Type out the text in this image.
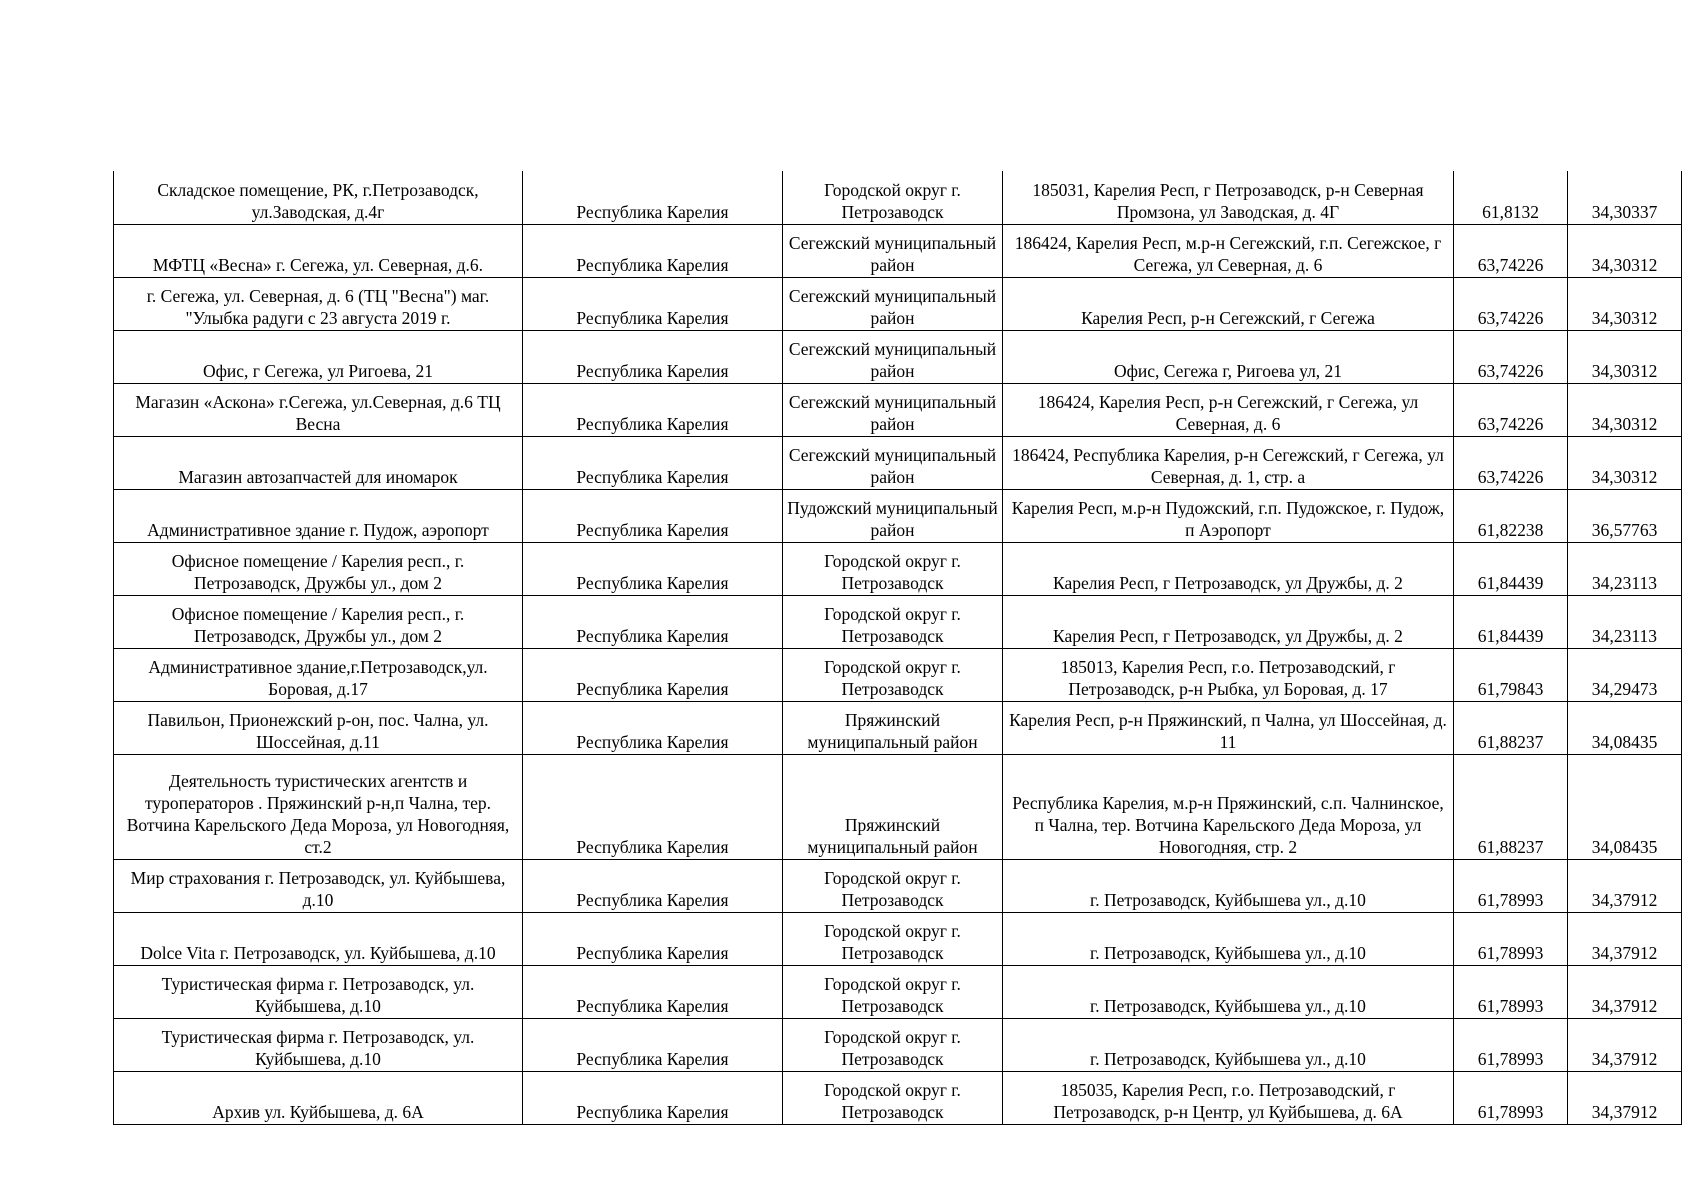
Складское помещение, РК, г.Петрозаводск, ул.Заводская, д.4г	Республика Карелия	Городской округ г. Петрозаводск	185031, Карелия Респ, г Петрозаводск, р-н Северная Промзона, ул Заводская, д. 4Г	61,8132	34,30337
МФТЦ «Весна» г. Сегежа, ул. Северная, д.6.	Республика Карелия	Сегежский муниципальный район	186424, Карелия Респ, м.р-н Сегежский, г.п. Сегежское, г Сегежа, ул Северная, д. 6	63,74226	34,30312
г. Сегежа, ул. Северная, д. 6 (ТЦ "Весна") маг. "Улыбка радуги с 23 августа 2019 г.	Республика Карелия	Сегежский муниципальный район	Карелия Респ, р-н Сегежский, г Сегежа	63,74226	34,30312
Офис, г Сегежа, ул Ригоева, 21	Республика Карелия	Сегежский муниципальный район	Офис, Сегежа г, Ригоева ул, 21	63,74226	34,30312
Магазин «Аскона» г.Сегежа, ул.Северная, д.6 ТЦ Весна	Республика Карелия	Сегежский муниципальный район	186424, Карелия Респ, р-н Сегежский, г Сегежа, ул Северная, д. 6	63,74226	34,30312
Магазин автозапчастей для иномарок	Республика Карелия	Сегежский муниципальный район	186424, Республика Карелия, р-н Сегежский, г Сегежа, ул Северная, д. 1, стр. а	63,74226	34,30312
Административное здание г. Пудож, аэропорт	Республика Карелия	Пудожский муниципальный район	Карелия Респ, м.р-н Пудожский, г.п. Пудожское, г. Пудож, п Аэропорт	61,82238	36,57763
Офисное помещение / Карелия респ., г. Петрозаводск, Дружбы ул., дом 2	Республика Карелия	Городской округ г. Петрозаводск	Карелия Респ, г Петрозаводск, ул Дружбы, д. 2	61,84439	34,23113
Офисное помещение / Карелия респ., г. Петрозаводск, Дружбы ул., дом 2	Республика Карелия	Городской округ г. Петрозаводск	Карелия Респ, г Петрозаводск, ул Дружбы, д. 2	61,84439	34,23113
Административное здание,г.Петрозаводск,ул. Боровая, д.17	Республика Карелия	Городской округ г. Петрозаводск	185013, Карелия Респ, г.о. Петрозаводский, г Петрозаводск, р-н Рыбка, ул Боровая, д. 17	61,79843	34,29473
Павильон, Прионежский р-он, пос. Чална, ул. Шоссейная, д.11	Республика Карелия	Пряжинский муниципальный район	Карелия Респ, р-н Пряжинский, п Чална, ул Шоссейная, д. 11	61,88237	34,08435
Деятельность туристических агентств и туроператоров . Пряжинский р-н,п Чална, тер. Вотчина Карельского Деда Мороза, ул Новогодняя, ст.2	Республика Карелия	Пряжинский муниципальный район	Республика Карелия, м.р-н Пряжинский, с.п. Чалнинское, п Чална, тер. Вотчина Карельского Деда Мороза, ул Новогодняя, стр. 2	61,88237	34,08435
Мир страхования г. Петрозаводск, ул. Куйбышева, д.10	Республика Карелия	Городской округ г. Петрозаводск	г. Петрозаводск, Куйбышева ул., д.10	61,78993	34,37912
Dolce Vita г. Петрозаводск, ул. Куйбышева, д.10	Республика Карелия	Городской округ г. Петрозаводск	г. Петрозаводск, Куйбышева ул., д.10	61,78993	34,37912
Туристическая фирма г. Петрозаводск, ул. Куйбышева, д.10	Республика Карелия	Городской округ г. Петрозаводск	г. Петрозаводск, Куйбышева ул., д.10	61,78993	34,37912
Туристическая фирма г. Петрозаводск, ул. Куйбышева, д.10	Республика Карелия	Городской округ г. Петрозаводск	г. Петрозаводск, Куйбышева ул., д.10	61,78993	34,37912
Архив ул. Куйбышева, д. 6А	Республика Карелия	Городской округ г. Петрозаводск	185035, Карелия Респ, г.о. Петрозаводский, г Петрозаводск, р-н Центр, ул Куйбышева, д. 6А	61,78993	34,37912
